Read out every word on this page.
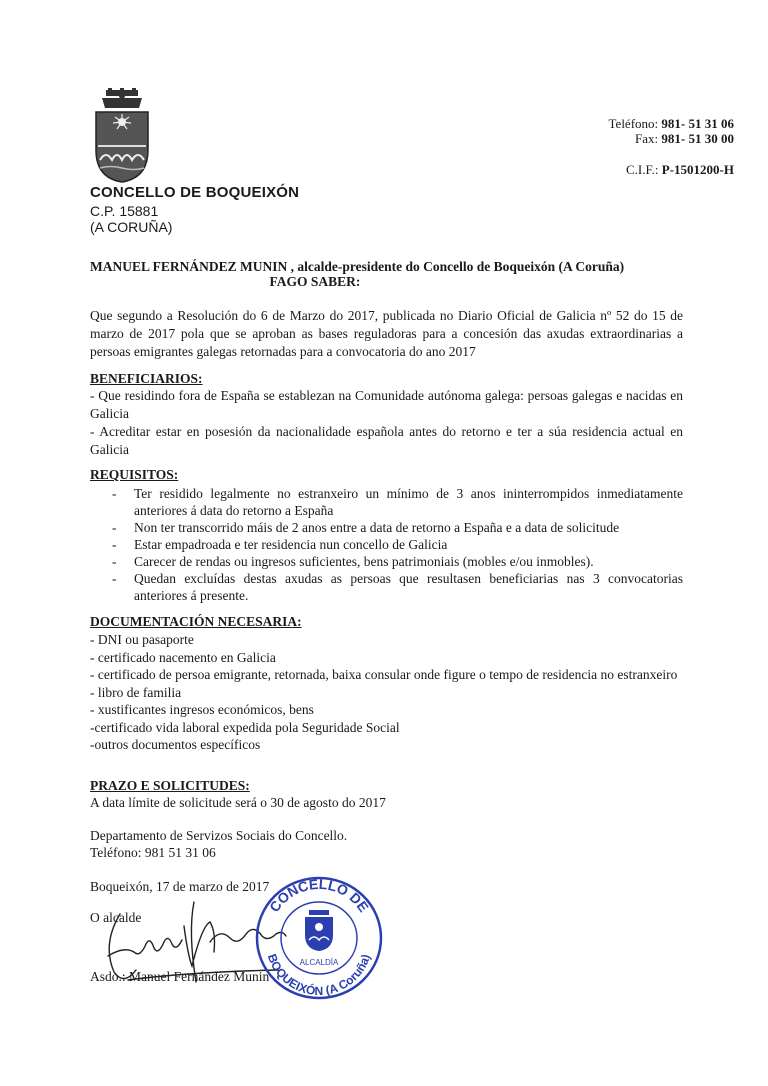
CONCELLO DE BOQUEIXÓN
C.P. 15881
(A CORUÑA)
Teléfono: 981- 51 31 06
Fax: 981- 51 30 00
C.I.F.: P-1501200-H
MANUEL FERNÁNDEZ MUNIN , alcalde-presidente do Concello de Boqueixón (A Coruña)
FAGO SABER:
Que segundo a Resolución do 6 de Marzo do 2017, publicada no Diario Oficial de Galicia nº 52 do 15 de marzo de 2017 pola que se aproban as bases reguladoras para a concesión das axudas extraordinarias a persoas emigrantes galegas retornadas para a convocatoria do ano 2017
BENEFICIARIOS:
- Que residindo fora de España se establezan na Comunidade autónoma galega: persoas galegas e nacidas en Galicia
- Acreditar estar en posesión da nacionalidade española antes do retorno e ter a súa residencia actual en Galicia
REQUISITOS:
- Ter residido legalmente no estranxeiro un mínimo de 3 anos ininterrompidos inmediatamente anteriores á data do retorno a España
- Non ter transcorrido máis de 2 anos entre a data de retorno a España e a data de solicitude
- Estar empadroada e ter residencia nun concello de Galicia
- Carecer de rendas ou ingresos suficientes, bens patrimoniais (mobles e/ou inmobles).
- Quedan excluídas destas axudas as persoas que resultasen beneficiarias nas 3 convocatorias anteriores á presente.
DOCUMENTACIÓN NECESARIA:
- DNI ou pasaporte
- certificado nacemento en Galicia
- certificado de persoa emigrante, retornada, baixa consular onde figure o tempo de residencia no estranxeiro
- libro de familia
- xustificantes ingresos económicos, bens
-certificado vida laboral expedida pola Seguridade Social
-outros documentos específicos
PRAZO E SOLICITUDES:
A data límite de solicitude será o 30 de agosto do 2017
Departamento de Servizos Sociais do Concello.
Teléfono: 981 51 31 06
Boqueixón, 17 de marzo de 2017
O alcalde
Asdo.: Manuel Fernández Munin
CONCELLO DE
BOQUEIXÓN (A Coruña)
ALCALDÍA
